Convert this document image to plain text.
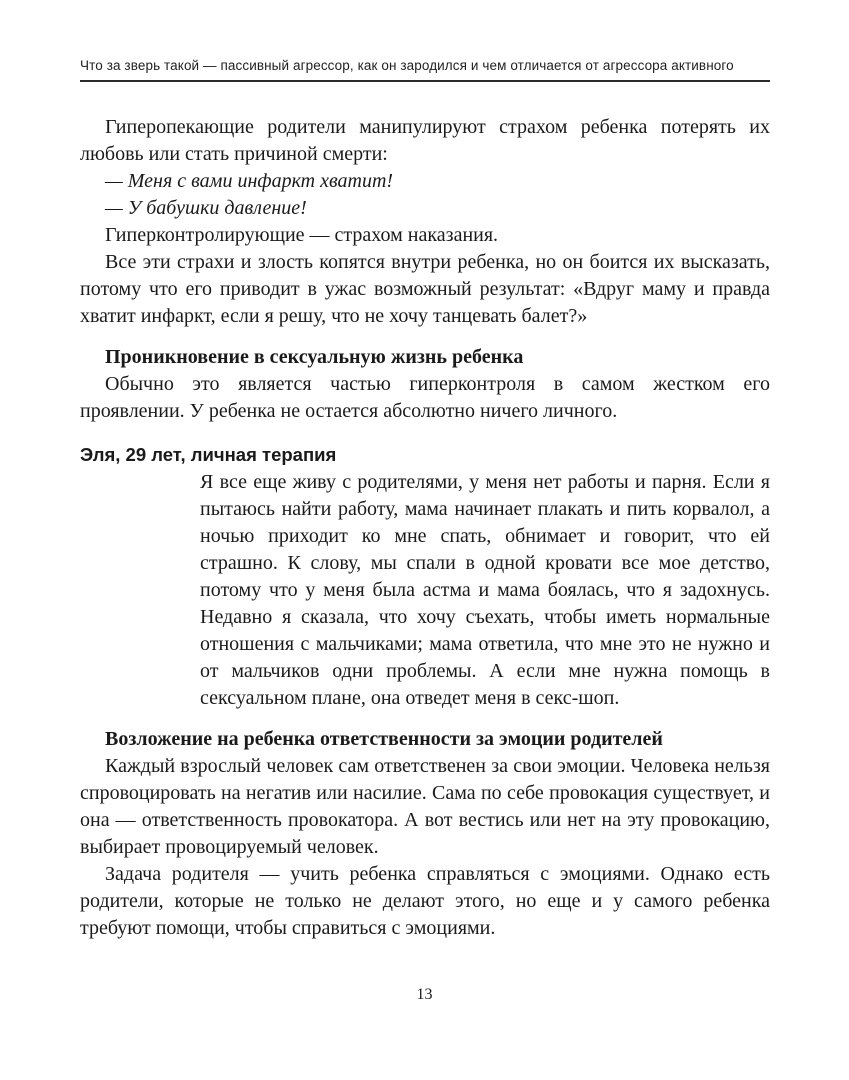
Что за зверь такой — пассивный агрессор, как он зародился и чем отличается от агрессора активного

Гиперопекающие родители манипулируют страхом ребенка потерять их любовь или стать причиной смерти:

— Меня с вами инфаркт хватит!

— У бабушки давление!

Гиперконтролирующие — страхом наказания.

Все эти страхи и злость копятся внутри ребенка, но он боится их высказать, потому что его приводит в ужас возможный результат: «Вдруг маму и правда хватит инфаркт, если я решу, что не хочу танцевать балет?»

Проникновение в сексуальную жизнь ребенка

Обычно это является частью гиперконтроля в самом жестком его проявлении. У ребенка не остается абсолютно ничего личного.

Эля, 29 лет, личная терапия
Я все еще живу с родителями, у меня нет работы и парня. Если я пытаюсь найти работу, мама начинает плакать и пить корвалол, а ночью приходит ко мне спать, обнимает и говорит, что ей страшно. К слову, мы спали в одной кровати все мое детство, потому что у меня была астма и мама боялась, что я задохнусь. Недавно я сказала, что хочу съехать, чтобы иметь нормальные отношения с мальчиками; мама ответила, что мне это не нужно и от мальчиков одни проблемы. А если мне нужна помощь в сексуальном плане, она отведет меня в секс-шоп.
Возложение на ребенка ответственности за эмоции родителей

Каждый взрослый человек сам ответственен за свои эмоции. Человека нельзя спровоцировать на негатив или насилие. Сама по себе провокация существует, и она — ответственность провокатора. А вот вестись или нет на эту провокацию, выбирает провоцируемый человек.

Задача родителя — учить ребенка справляться с эмоциями. Однако есть родители, которые не только не делают этого, но еще и у самого ребенка требуют помощи, чтобы справиться с эмоциями.

13
